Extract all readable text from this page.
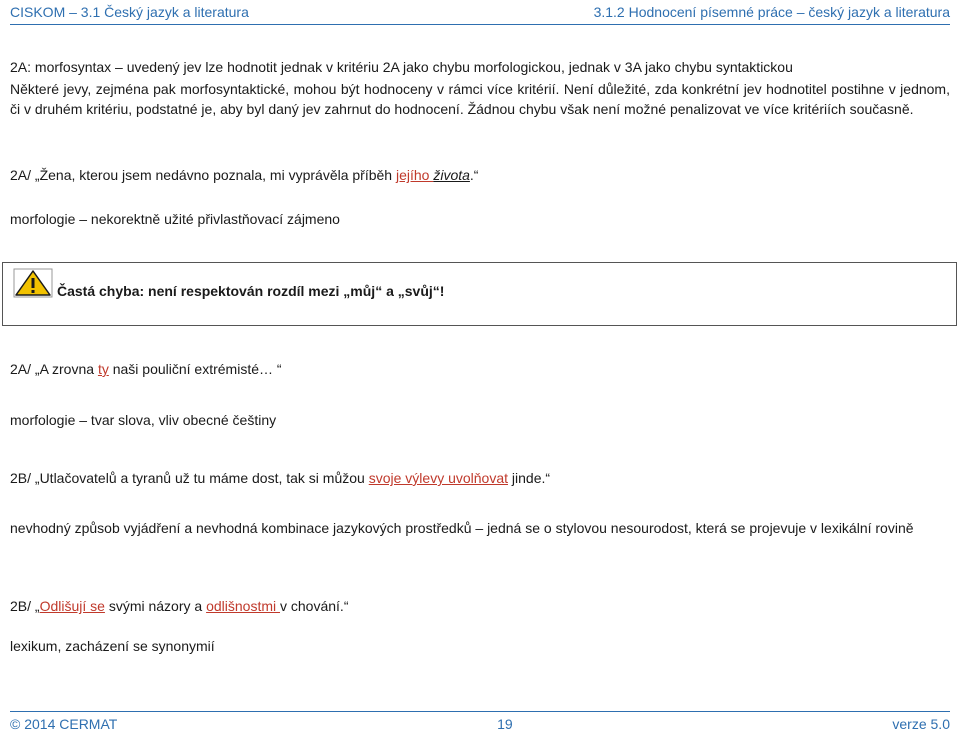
CISKOM – 3.1 Český jazyk a literatura	3.1.2 Hodnocení písemné práce – český jazyk a literatura
2A: morfosyntax – uvedený jev lze hodnotit jednak v kritériu 2A jako chybu morfologickou, jednak v 3A jako chybu syntaktickou
Některé jevy, zejména pak morfosyntaktické, mohou být hodnoceny v rámci více kritérií. Není důležité, zda konkrétní jev hodnotitel postihne v jednom, či v druhém kritériu, podstatné je, aby byl daný jev zahrnut do hodnocení. Žádnou chybu však není možné penalizovat ve více kritériích současně.
2A/ „Žena, kterou jsem nedávno poznala, mi vyprávěla příběh jejího života.“
morfologie – nekorektně užité přivlastňovací zájmeno
Častá chyba: není respektován rozdíl mezi „můj“ a „svůj“!
2A/ „A zrovna ty naši pouliční extrémisté… “
morfologie – tvar slova, vliv obecné češtiny
2B/ „Utlačovatelů a tyranů už tu máme dost, tak si můžou svoje výlevy uvolňovat jinde.“
nevhodný způsob vyjádření a nevhodná kombinace jazykových prostředků – jedná se o stylovou nesourodost, která se projevuje v lexikální rovině
2B/ „Odlišují se svými názory a odlišnostmi v chování.“
lexikum, zacházení se synonymií
© 2014 CERMAT	19	verze 5.0
